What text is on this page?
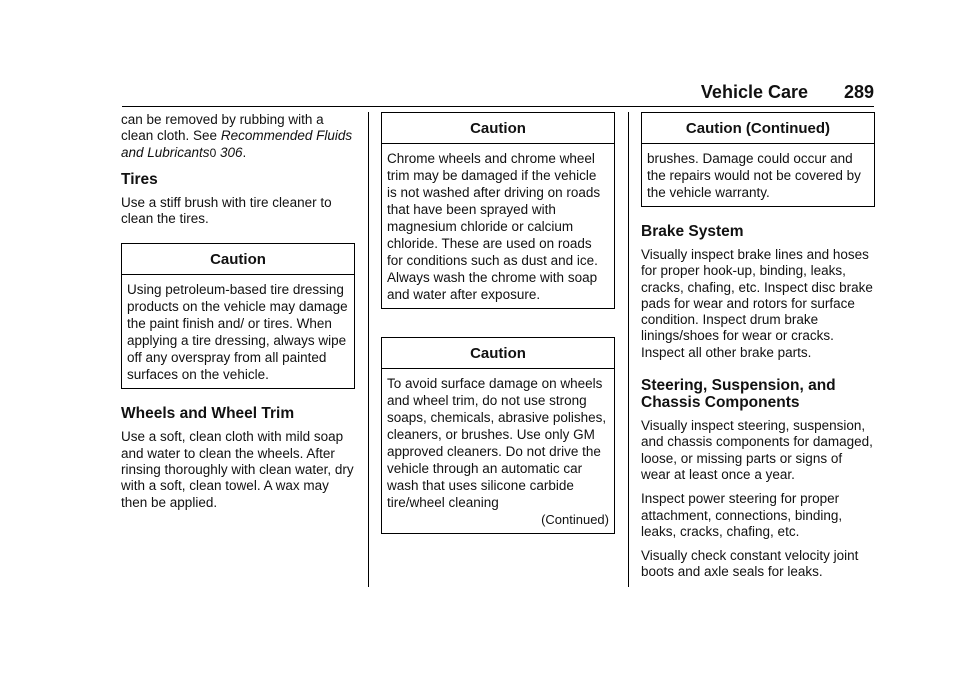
Vehicle Care 289

can be removed by rubbing with a clean cloth. See Recommended Fluids and Lubricants0 306.

Tires

Use a stiff brush with tire cleaner to clean the tires.

Caution
Using petroleum-based tire dressing products on the vehicle may damage the paint finish and/ or tires. When applying a tire dressing, always wipe off any overspray from all painted surfaces on the vehicle.
Wheels and Wheel Trim

Use a soft, clean cloth with mild soap and water to clean the wheels. After rinsing thoroughly with clean water, dry with a soft, clean towel. A wax may then be applied.

Caution
Chrome wheels and chrome wheel trim may be damaged if the vehicle is not washed after driving on roads that have been sprayed with magnesium chloride or calcium chloride. These are used on roads for conditions such as dust and ice. Always wash the chrome with soap and water after exposure.
Caution
To avoid surface damage on wheels and wheel trim, do not use strong soaps, chemicals, abrasive polishes, cleaners, or brushes. Use only GM approved cleaners. Do not drive the vehicle through an automatic car wash that uses silicone carbide tire/wheel cleaning
(Continued)
Caution (Continued)
brushes. Damage could occur and the repairs would not be covered by the vehicle warranty.
Brake System

Visually inspect brake lines and hoses for proper hook-up, binding, leaks, cracks, chafing, etc. Inspect disc brake pads for wear and rotors for surface condition. Inspect drum brake linings/shoes for wear or cracks. Inspect all other brake parts.

Steering, Suspension, and Chassis Components

Visually inspect steering, suspension, and chassis components for damaged, loose, or missing parts or signs of wear at least once a year.

Inspect power steering for proper attachment, connections, binding, leaks, cracks, chafing, etc.

Visually check constant velocity joint boots and axle seals for leaks.
